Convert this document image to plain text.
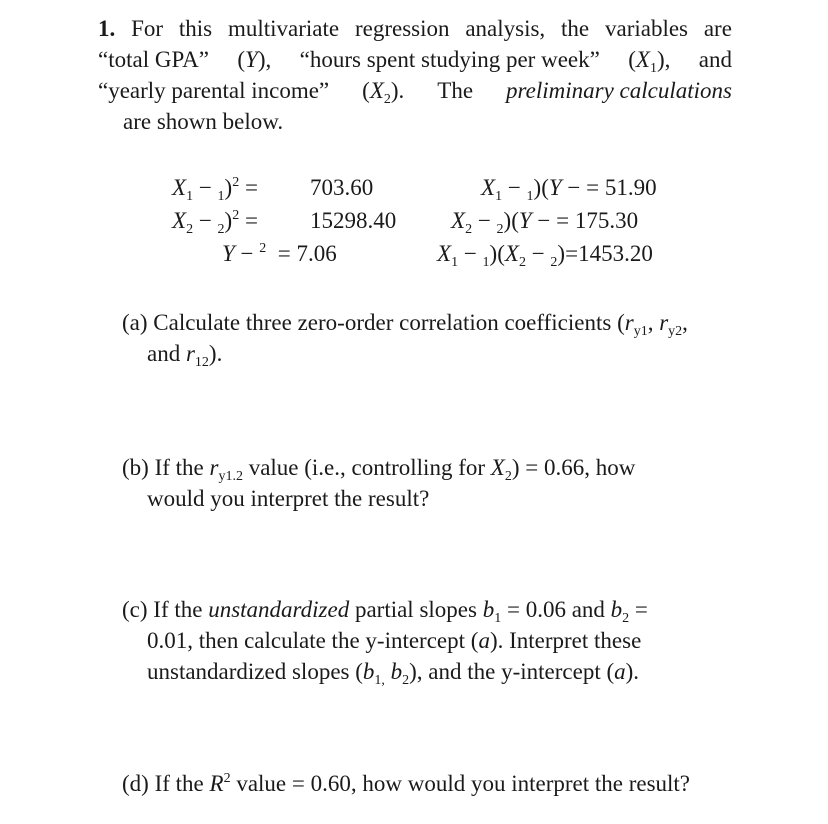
1. For this multivariate regression analysis, the variables are
“total GPA” (Y), “hours spent studying per week” $(X_1)$, and
“yearly parental income” $(X_2)$. The preliminary calculations
are shown below.
$X_1 - _1)^2 = 703.60$
$X_2 - _2)^2 = 15298.40$
Y − $^2$  = 7.06
$X_1 - _1)(Y$ − = 51.90
$X_2 - _2)(Y$ − = 175.30
$X_1 - _1)(X_2 - _2)=1453.20$
(a) Calculate three zero-order correlation coefficients ($r_{y1}$, $r_{y2}$,
and $r_{12}$).
(b) If the $r_{y1.2}$ value (i.e., controlling for $X_2) = 0.66$, how
would you interpret the result?
(c) If the unstandardized partial slopes $b_1 = 0.06$ and $b_2$ =
0.01, then calculate the y-intercept (a). Interpret these
unstandardized slopes ($b_{1,}$ $b_2$), and the y-intercept (a).
(d) If the $R^2$ value = 0.60, how would you interpret the result?
